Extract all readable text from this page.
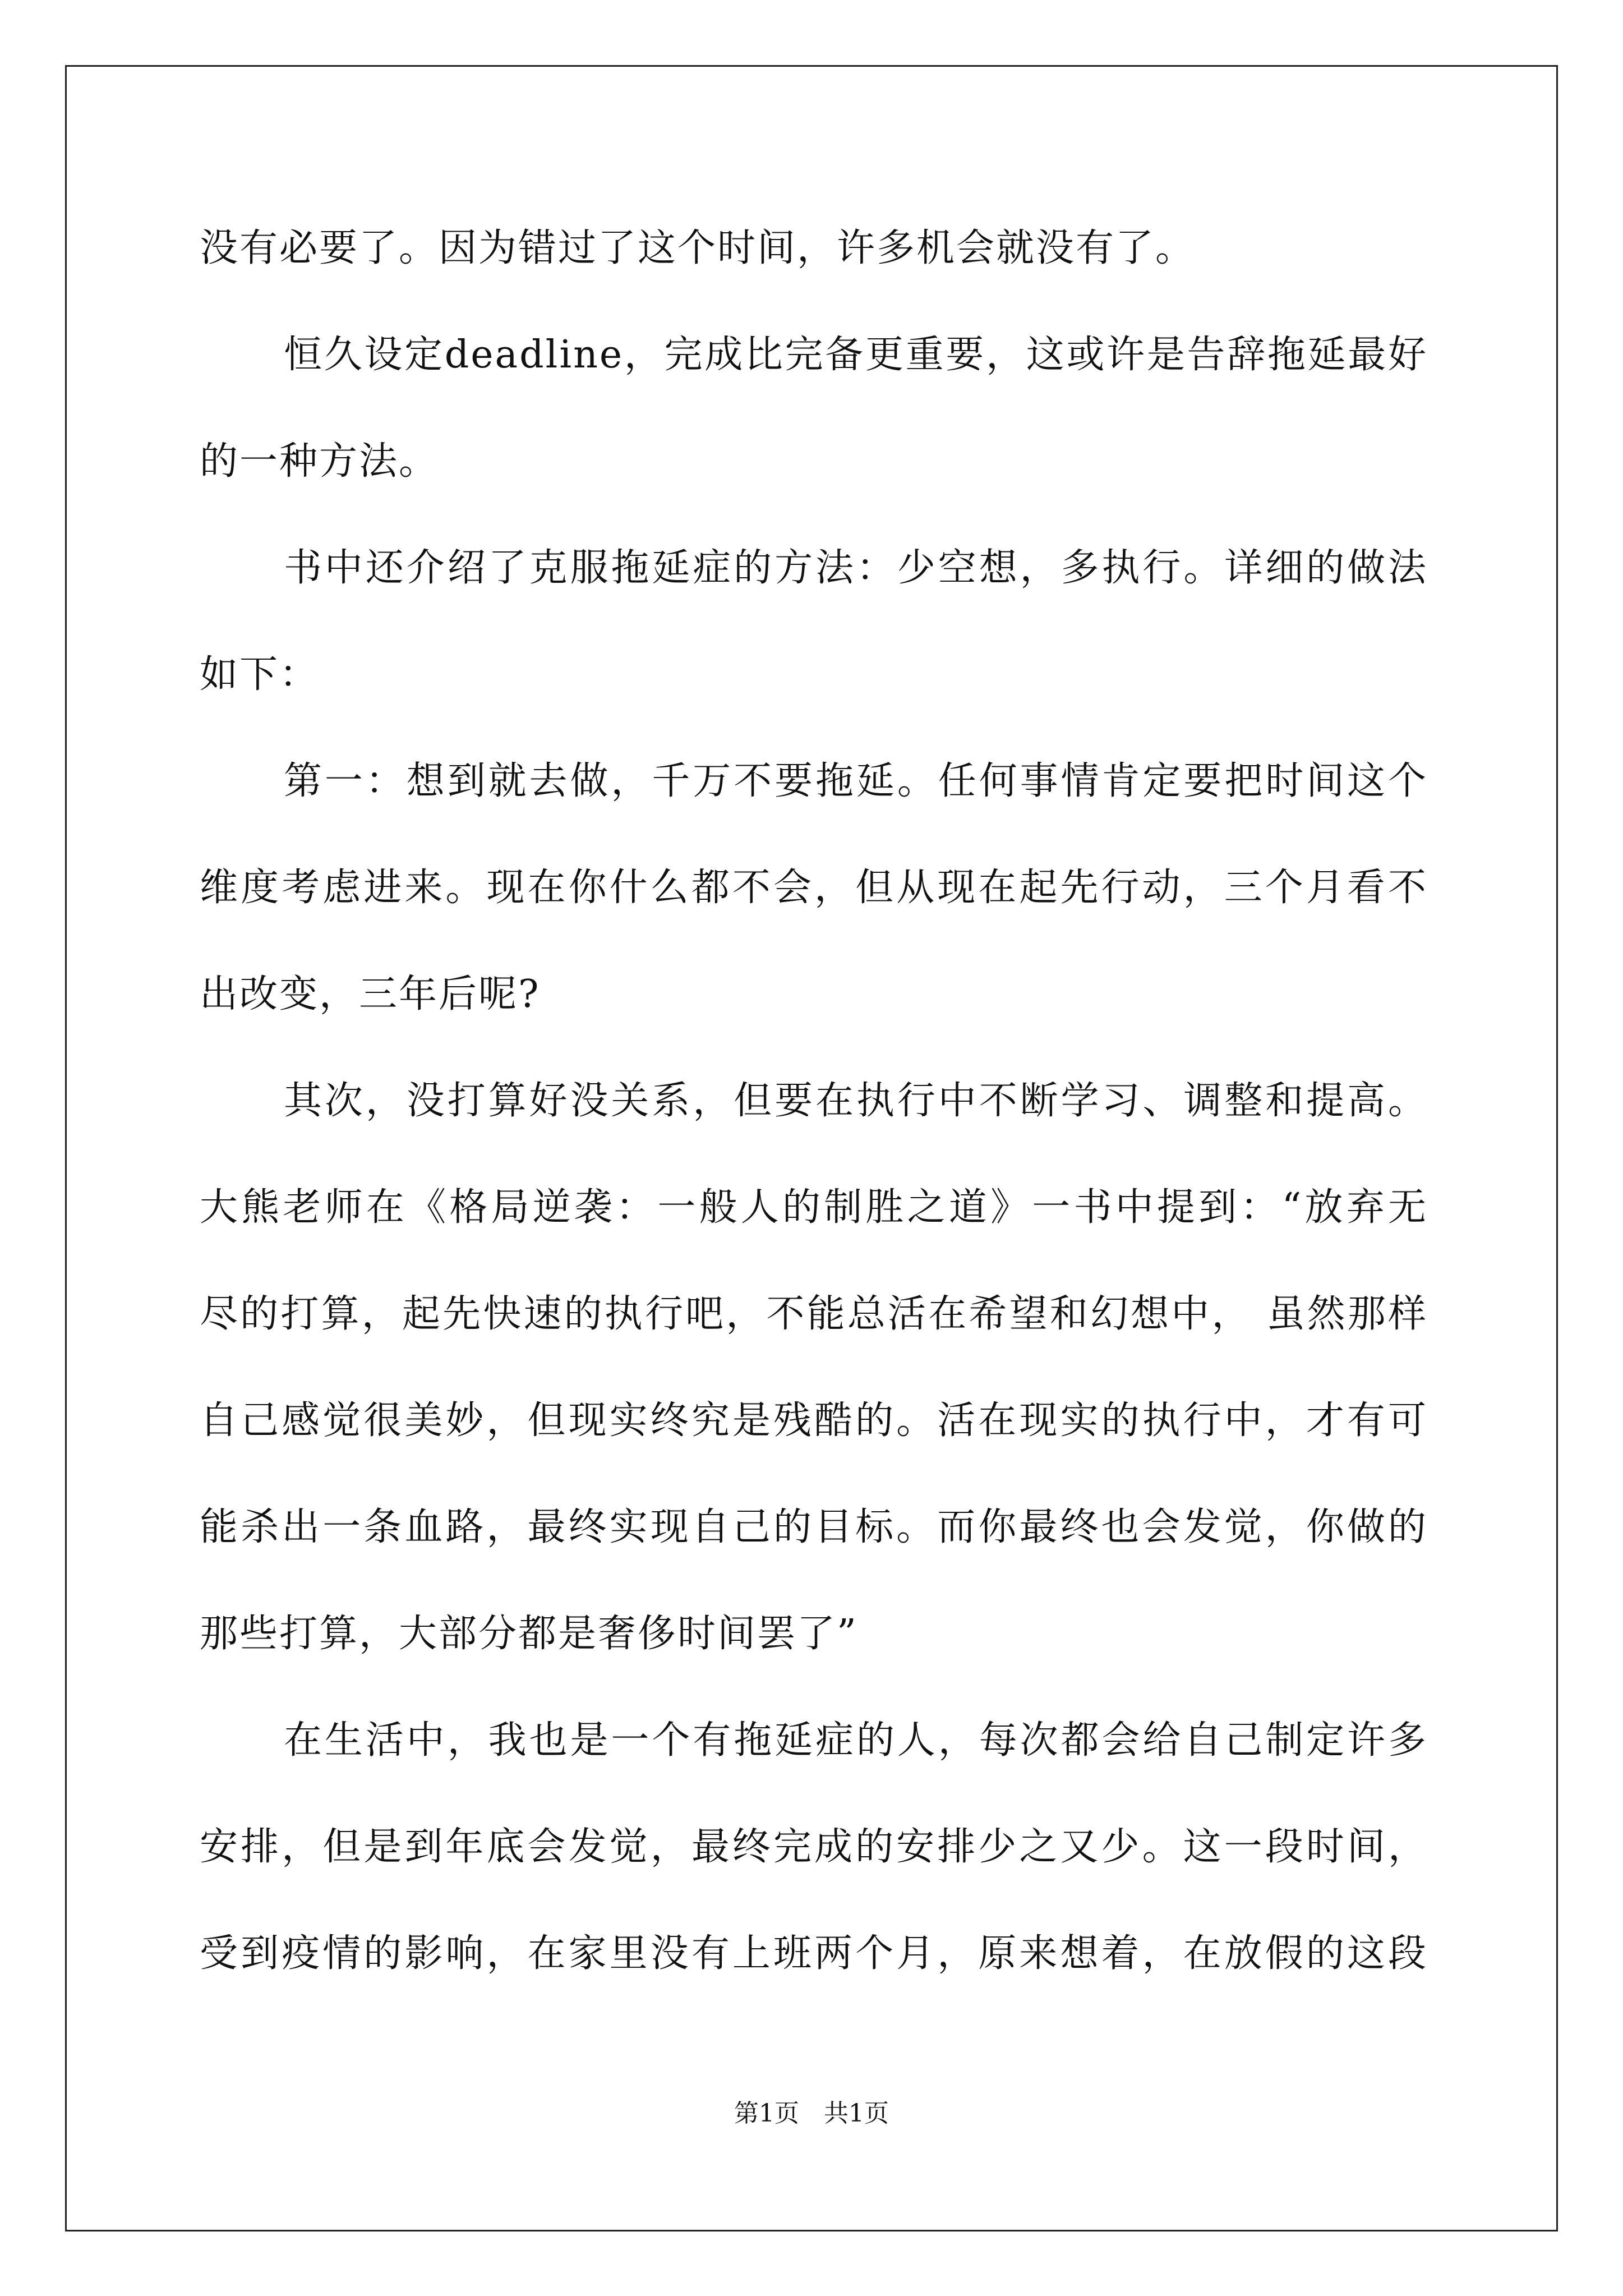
没有必要了。因为错过了这个时间，许多机会就没有了。
恒久设定deadline，完成比完备更重要，这或许是告辞拖延最好
的一种方法。
书中还介绍了克服拖延症的方法：少空想，多执行。详细的做法
如下：
第一：想到就去做，千万不要拖延。任何事情肯定要把时间这个
维度考虑进来。现在你什么都不会，但从现在起先行动，三个月看不
出改变，三年后呢?
其次，没打算好没关系，但要在执行中不断学习、调整和提高。
大熊老师在《格局逆袭：一般人的制胜之道》一书中提到：“放弃无
尽的打算，起先快速的执行吧，不能总活在希望和幻想中， 虽然那样
自己感觉很美妙，但现实终究是残酷的。活在现实的执行中，才有可
能杀出一条血路，最终实现自己的目标。而你最终也会发觉，你做的
那些打算，大部分都是奢侈时间罢了”
在生活中，我也是一个有拖延症的人，每次都会给自己制定许多
安排，但是到年底会发觉，最终完成的安排少之又少。这一段时间，
受到疫情的影响，在家里没有上班两个月，原来想着，在放假的这段
第1页　共1页
